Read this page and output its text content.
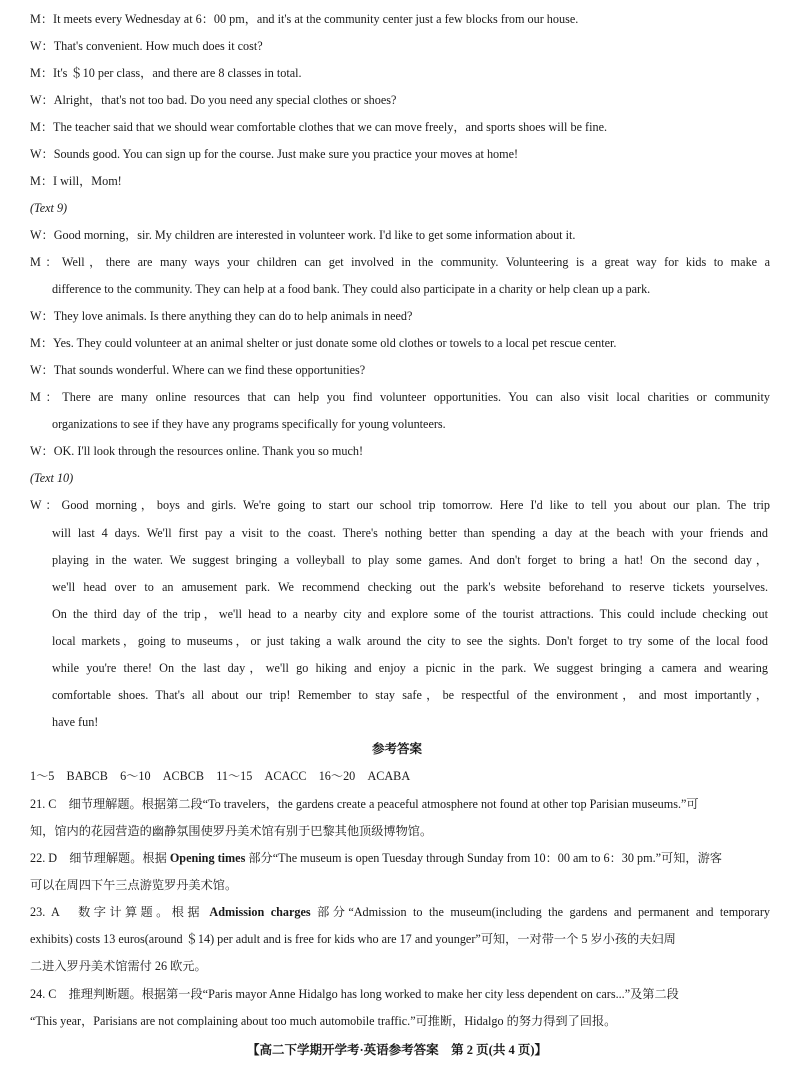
M：It meets every Wednesday at 6：00 pm，and it's at the community center just a few blocks from our house.
W：That's convenient. How much does it cost?
M：It's ＄10 per class，and there are 8 classes in total.
W：Alright，that's not too bad. Do you need any special clothes or shoes?
M：The teacher said that we should wear comfortable clothes that we can move freely，and sports shoes will be fine.
W：Sounds good. You can sign up for the course. Just make sure you practice your moves at home!
M：I will，Mom!
(Text 9)
W：Good morning，sir. My children are interested in volunteer work. I'd like to get some information about it.
M：Well，there are many ways your children can get involved in the community. Volunteering is a great way for kids to make a
difference to the community. They can help at a food bank. They could also participate in a charity or help clean up a park.
W：They love animals. Is there anything they can do to help animals in need?
M：Yes. They could volunteer at an animal shelter or just donate some old clothes or towels to a local pet rescue center.
W：That sounds wonderful. Where can we find these opportunities?
M：There are many online resources that can help you find volunteer opportunities. You can also visit local charities or community
organizations to see if they have any programs specifically for young volunteers.
W：OK. I'll look through the resources online. Thank you so much!
(Text 10)
W：Good morning，boys and girls. We're going to start our school trip tomorrow. Here I'd like to tell you about our plan. The trip
will last 4 days. We'll first pay a visit to the coast. There's nothing better than spending a day at the beach with your friends and
playing in the water. We suggest bringing a volleyball to play some games. And don't forget to bring a hat! On the second day，
we'll head over to an amusement park. We recommend checking out the park's website beforehand to reserve tickets yourselves.
On the third day of the trip，we'll head to a nearby city and explore some of the tourist attractions. This could include checking out
local markets，going to museums，or just taking a walk around the city to see the sights. Don't forget to try some of the local food
while you're there! On the last day，we'll go hiking and enjoy a picnic in the park. We suggest bringing a camera and wearing
comfortable shoes. That's all about our trip! Remember to stay safe，be respectful of the environment，and most importantly，
have fun!
参考答案
1～5　BABCB　6～10　ACBCB　11～15　ACACC　16～20　ACABA
21. C　细节理解题。根据第二段“To travelers，the gardens create a peaceful atmosphere not found at other top Parisian museums.”可
知，馆内的花园营造的幽静氛围使罗丹美术馆有别于巴黎其他顶级博物馆。
22. D　细节理解题。根据 Opening times 部分“The museum is open Tuesday through Sunday from 10：00 am to 6：30 pm.”可知，游客
可以在周四下午三点游览罗丹美术馆。
23. A　数字计算题。根据 Admission charges 部分“Admission to the museum(including the gardens and permanent and temporary
exhibits) costs 13 euros(around ＄14) per adult and is free for kids who are 17 and younger”可知，一对带一个 5 岁小孩的夫妇周
二进入罗丹美术馆需付 26 欧元。
24. C　推理判断题。根据第一段“Paris mayor Anne Hidalgo has long worked to make her city less dependent on cars...”及第二段
“This year，Parisians are not complaining about too much automobile traffic.”可推断，Hidalgo 的努力得到了回报。
【高二下学期开学考·英语参考答案　第 2 页(共 4 页)】
